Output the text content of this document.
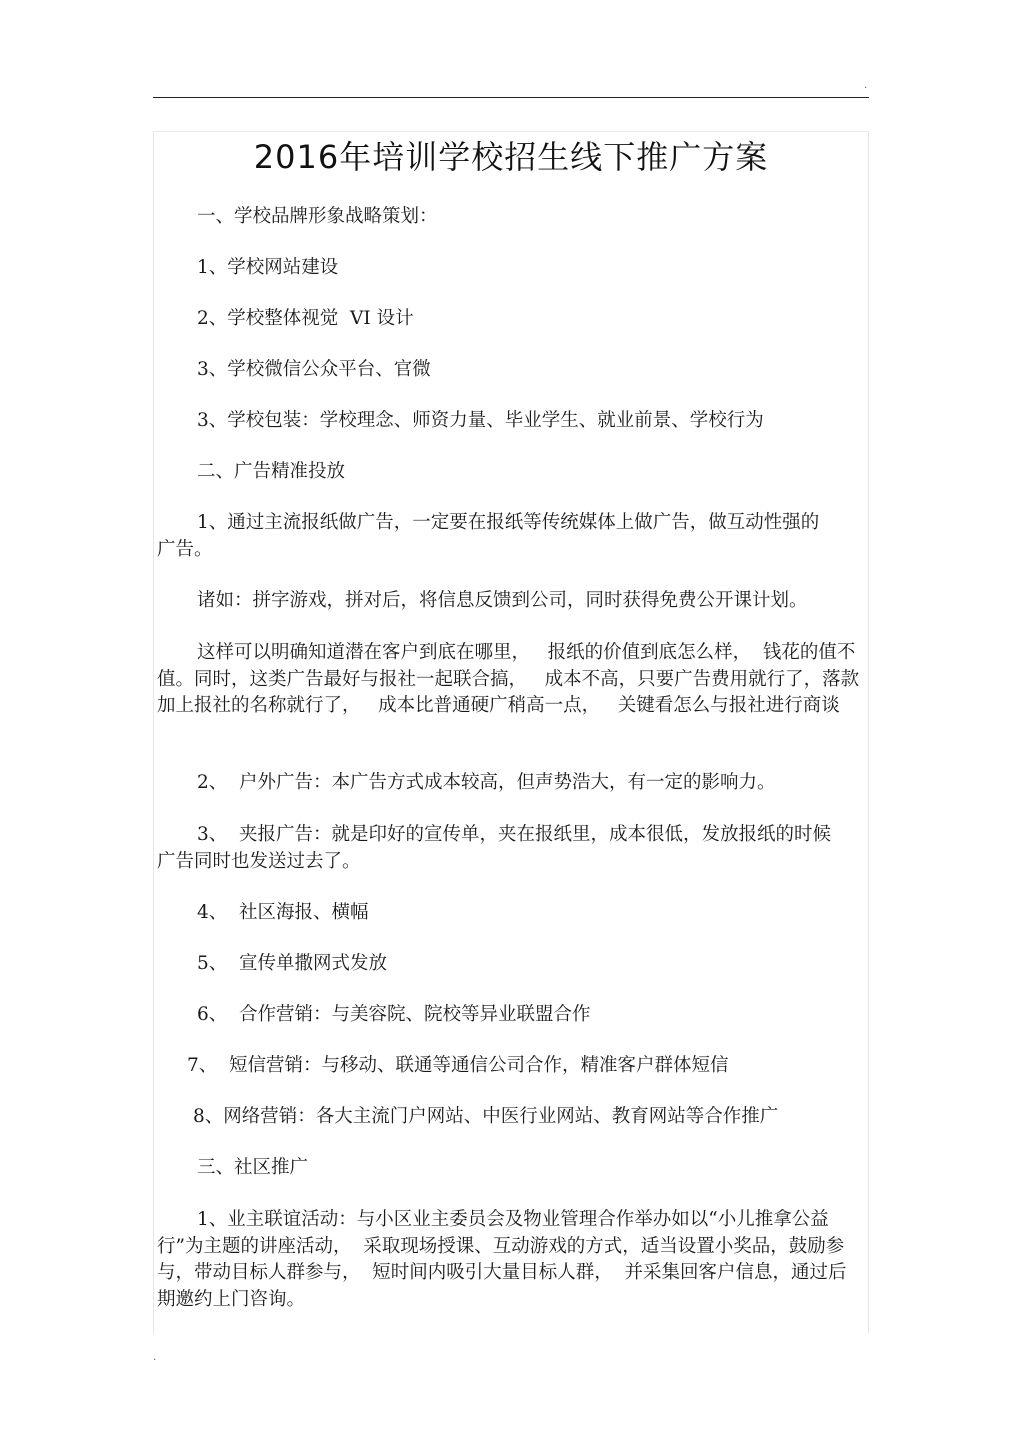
.
2016年培训学校招生线下推广方案
一、学校品牌形象战略策划：
1、学校网站建设
2、学校整体视觉  VI 设计
3、学校微信公众平台、官微
3、学校包装：学校理念、师资力量、毕业学生、就业前景、学校行为
二、广告精准投放
1、通过主流报纸做广告，一定要在报纸等传统媒体上做广告，做互动性强的广告。
诸如：拼字游戏，拼对后，将信息反馈到公司，同时获得免费公开课计划。
这样可以明确知道潜在客户到底在哪里，   报纸的价值到底怎么样，  钱花的值不值。同时，这类广告最好与报社一起联合搞，   成本不高，只要广告费用就行了，落款加上报社的名称就行了，   成本比普通硬广稍高一点，   关键看怎么与报社进行商谈
2、  户外广告：本广告方式成本较高，但声势浩大，有一定的影响力。
3、  夹报广告：就是印好的宣传单，夹在报纸里，成本很低，发放报纸的时候广告同时也发送过去了。
4、  社区海报、横幅
5、  宣传单撒网式发放
6、  合作营销：与美容院、院校等异业联盟合作
7、  短信营销：与移动、联通等通信公司合作，精准客户群体短信
8、网络营销：各大主流门户网站、中医行业网站、教育网站等合作推广
三、社区推广
1、业主联谊活动：与小区业主委员会及物业管理合作举办如以“小儿推拿公益行”为主题的讲座活动，  采取现场授课、互动游戏的方式，适当设置小奖品，鼓励参与，带动目标人群参与，  短时间内吸引大量目标人群，  并采集回客户信息，通过后期邀约上门咨询。
.
